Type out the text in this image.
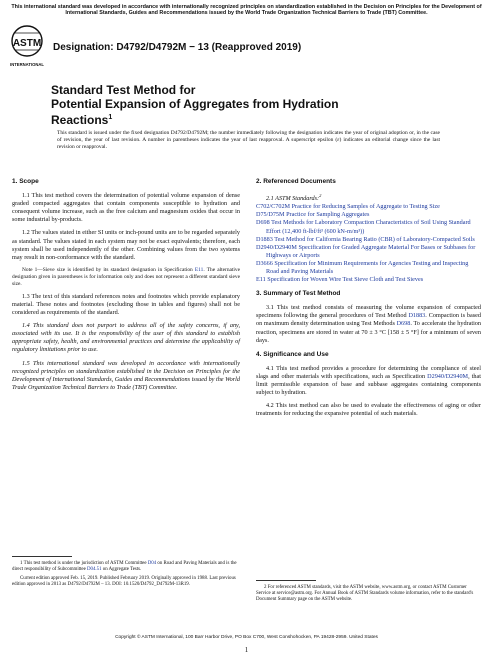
This international standard was developed in accordance with internationally recognized principles on standardization established in the Decision on Principles for the Development of International Standards, Guides and Recommendations issued by the World Trade Organization Technical Barriers to Trade (TBT) Committee.
ASTM
INTERNATIONAL
Designation: D4792/D4792M − 13 (Reapproved 2019)
Standard Test Method for
Potential Expansion of Aggregates from Hydration
Reactions$^1$
This standard is issued under the fixed designation D4792/D4792M; the number immediately following the designation indicates the year of original adoption or, in the case of revision, the year of last revision. A number in parentheses indicates the year of last reapproval. A superscript epsilon (ε) indicates an editorial change since the last revision or reapproval.
1. Scope

1.1 This test method covers the determination of potential volume expansion of dense graded compacted aggregates that contain components susceptible to hydration and consequent volume increase, such as the free calcium and magnesium oxides that occur in some industrial by-products.

1.2 The values stated in either SI units or inch-pound units are to be regarded separately as standard. The values stated in each system may not be exact equivalents; therefore, each system shall be used independently of the other. Combining values from the two systems may result in non-conformance with the standard.

Note 1—Sieve size is identified by its standard designation in Specification E11. The alternative designation given in parentheses is for information only and does not represent a different standard sieve size.

1.3 The text of this standard references notes and footnotes which provide explanatory material. These notes and footnotes (excluding those in tables and figures) shall not be considered as requirements of the standard.

1.4 This standard does not purport to address all of the safety concerns, if any, associated with its use. It is the responsibility of the user of this standard to establish appropriate safety, health, and environmental practices and determine the applicability of regulatory limitations prior to use.

1.5 This international standard was developed in accordance with internationally recognized principles on standardization established in the Decision on Principles for the Development of International Standards, Guides and Recommendations issued by the World Trade Organization Technical Barriers to Trade (TBT) Committee.

1 This test method is under the jurisdiction of ASTM Committee D04 on Road and Paving Materials and is the direct responsibility of Subcommittee D04.51 on Aggregate Tests.

Current edition approved Feb. 15, 2019. Published February 2019. Originally approved in 1988. Last previous edition approved in 2013 as D4792/D4792M – 13. DOI: 10.1520/D4792_D4792M-13R19.

2. Referenced Documents

2.1 ASTM Standards:$^2$

C702/C702M Practice for Reducing Samples of Aggregate to Testing Size

D75/D75M Practice for Sampling Aggregates

D698 Test Methods for Laboratory Compaction Characteristics of Soil Using Standard Effort (12,400 ft-lbf/ft³ (600 kN-m/m³))

D1883 Test Method for California Bearing Ratio (CBR) of Laboratory-Compacted Soils

D2940/D2940M Specification for Graded Aggregate Material For Bases or Subbases for Highways or Airports

D3666 Specification for Minimum Requirements for Agencies Testing and Inspecting Road and Paving Materials

E11 Specification for Woven Wire Test Sieve Cloth and Test Sieves

3. Summary of Test Method

3.1 This test method consists of measuring the volume expansion of compacted specimens following the general procedures of Test Method D1883. Compaction is based on maximum density determination using Test Methods D698. To accelerate the hydration reaction, specimens are stored in water at 70 ± 3 °C [158 ± 5 °F] for a minimum of seven days.

4. Significance and Use

4.1 This test method provides a procedure for determining the compliance of steel slags and other materials with specifications, such as Specification D2940/D2940M, that limit permissible expansion of base and subbase aggregates containing components subject to hydration.

4.2 This test method can also be used to evaluate the effectiveness of aging or other treatments for reducing the expansive potential of such materials.

2 For referenced ASTM standards, visit the ASTM website, www.astm.org, or contact ASTM Customer Service at service@astm.org. For Annual Book of ASTM Standards volume information, refer to the standard's Document Summary page on the ASTM website.

Copyright © ASTM International, 100 Barr Harbor Drive, PO Box C700, West Conshohocken, PA 19428-2959. United States
1
